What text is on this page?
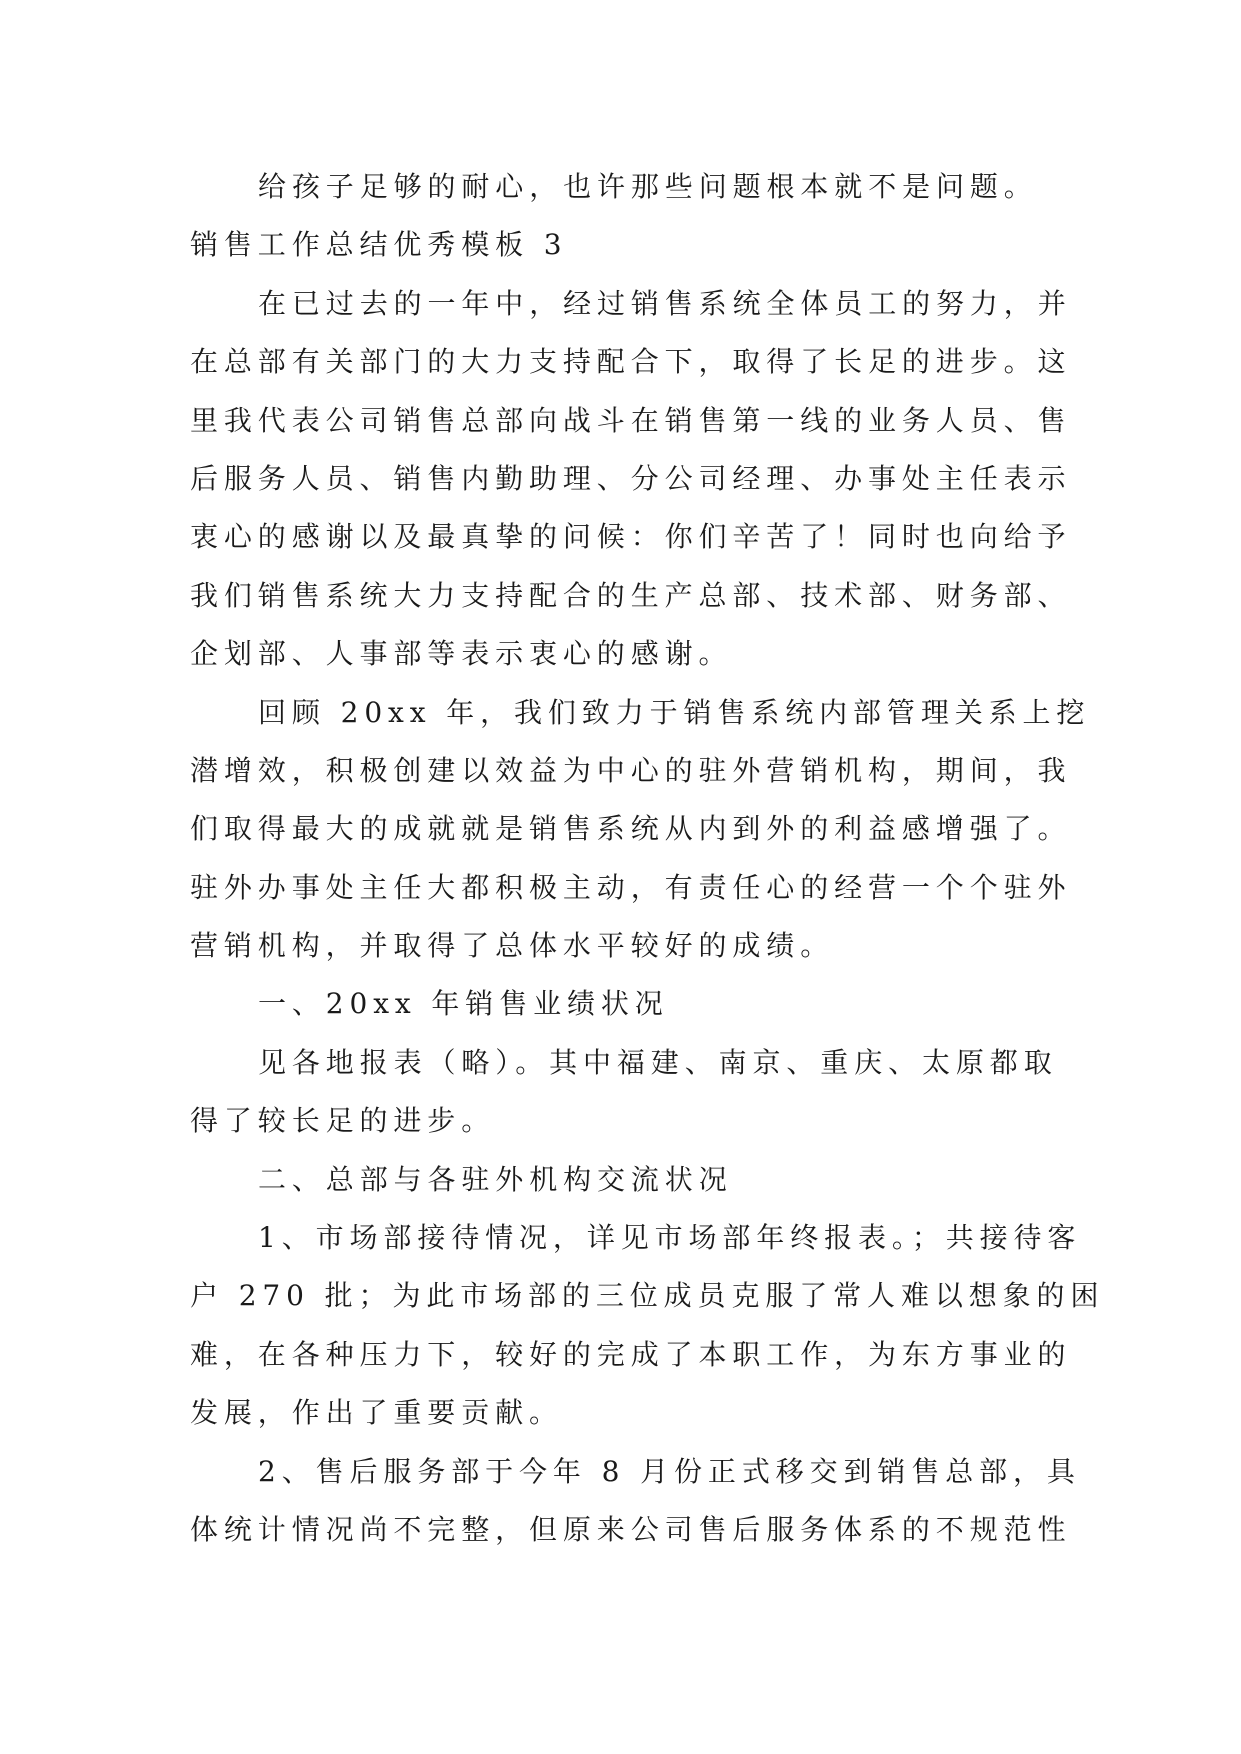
给孩子足够的耐心，也许那些问题根本就不是问题。
销售工作总结优秀模板 3
在已过去的一年中，经过销售系统全体员工的努力，并
在总部有关部门的大力支持配合下，取得了长足的进步。这
里我代表公司销售总部向战斗在销售第一线的业务人员、售
后服务人员、销售内勤助理、分公司经理、办事处主任表示
衷心的感谢以及最真挚的问候：你们辛苦了！同时也向给予
我们销售系统大力支持配合的生产总部、技术部、财务部、
企划部、人事部等表示衷心的感谢。
回顾 20xx 年，我们致力于销售系统内部管理关系上挖
潜增效，积极创建以效益为中心的驻外营销机构，期间，我
们取得最大的成就就是销售系统从内到外的利益感增强了。
驻外办事处主任大都积极主动，有责任心的经营一个个驻外
营销机构，并取得了总体水平较好的成绩。
一、20xx 年销售业绩状况
见各地报表（略）。其中福建、南京、重庆、太原都取
得了较长足的进步。
二、总部与各驻外机构交流状况
1、市场部接待情况，详见市场部年终报表。；共接待客
户 270 批；为此市场部的三位成员克服了常人难以想象的困
难，在各种压力下，较好的完成了本职工作，为东方事业的
发展，作出了重要贡献。
2、售后服务部于今年 8 月份正式移交到销售总部，具
体统计情况尚不完整，但原来公司售后服务体系的不规范性
